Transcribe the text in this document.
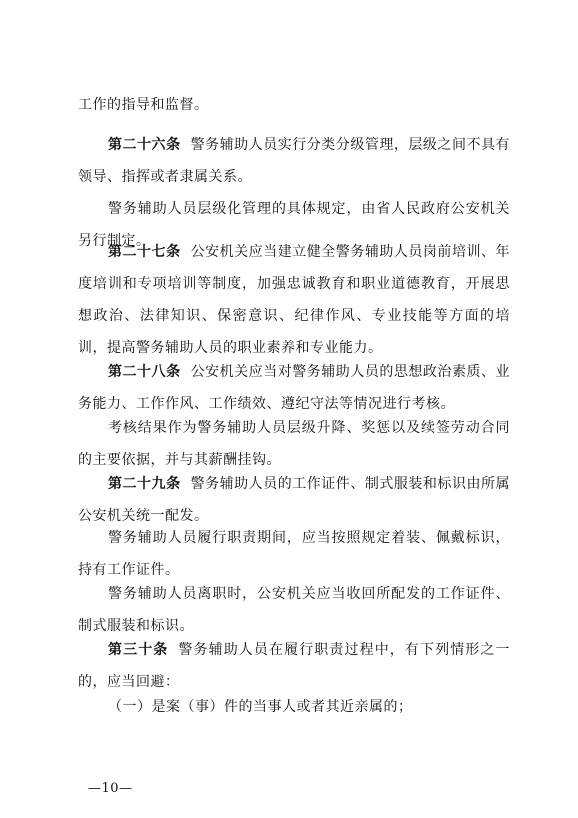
工作的指导和监督。
第二十六条 警务辅助人员实行分类分级管理，层级之间不具有领导、指挥或者隶属关系。
警务辅助人员层级化管理的具体规定，由省人民政府公安机关另行制定。
第二十七条 公安机关应当建立健全警务辅助人员岗前培训、年度培训和专项培训等制度，加强忠诚教育和职业道德教育，开展思想政治、法律知识、保密意识、纪律作风、专业技能等方面的培训，提高警务辅助人员的职业素养和专业能力。
第二十八条 公安机关应当对警务辅助人员的思想政治素质、业务能力、工作作风、工作绩效、遵纪守法等情况进行考核。
考核结果作为警务辅助人员层级升降、奖惩以及续签劳动合同的主要依据，并与其薪酬挂钩。
第二十九条 警务辅助人员的工作证件、制式服装和标识由所属公安机关统一配发。
警务辅助人员履行职责期间，应当按照规定着装、佩戴标识，持有工作证件。
警务辅助人员离职时，公安机关应当收回所配发的工作证件、制式服装和标识。
第三十条 警务辅助人员在履行职责过程中，有下列情形之一的，应当回避：
（一）是案（事）件的当事人或者其近亲属的；
—10—
